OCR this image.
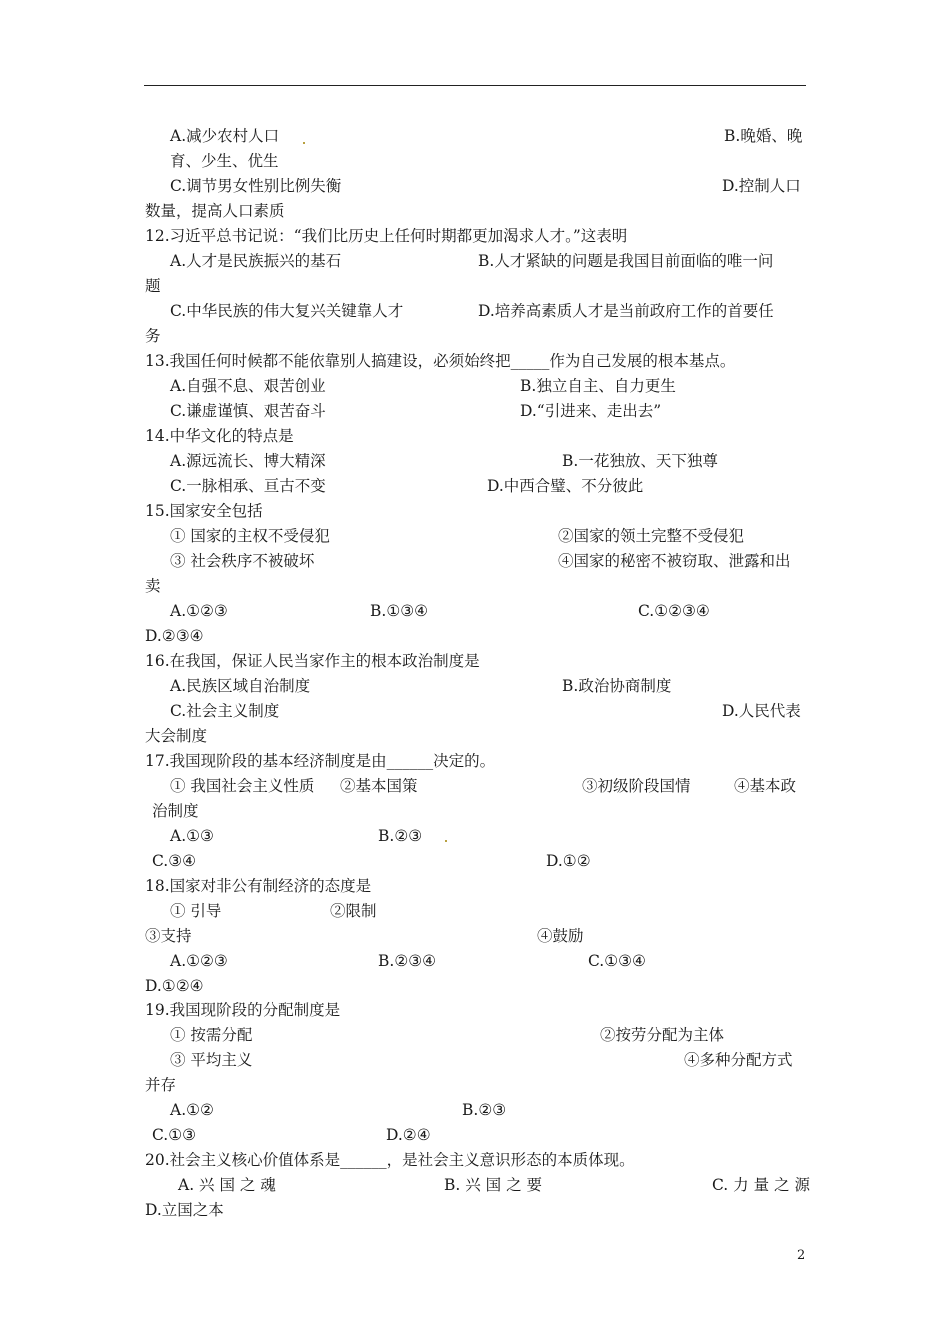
A.减少农村人口	B.晚婚、晚
育、少生、优生
C.调节男女性别比例失衡	D.控制人口
数量，提高人口素质
12.习近平总书记说：“我们比历史上任何时期都更加渴求人才。”这表明
A.人才是民族振兴的基石	B.人才紧缺的问题是我国目前面临的唯一问
题
C.中华民族的伟大复兴关键靠人才	D.培养高素质人才是当前政府工作的首要任
务
13.我国任何时候都不能依靠别人搞建设，必须始终把_____作为自己发展的根本基点。
A.自强不息、艰苦创业	B.独立自主、自力更生
C.谦虚谨慎、艰苦奋斗	D.“引进来、走出去”
14.中华文化的特点是
A.源远流长、博大精深	B.一花独放、天下独尊
C.一脉相承、亘古不变	D.中西合璧、不分彼此
15.国家安全包括
① 国家的主权不受侵犯	②国家的领土完整不受侵犯
③ 社会秩序不被破坏	④国家的秘密不被窃取、泄露和出
卖
A.①②③	B.①③④	C.①②③④
D.②③④
16.在我国，保证人民当家作主的根本政治制度是
A.民族区域自治制度	B.政治协商制度
C.社会主义制度	D.人民代表
大会制度
17.我国现阶段的基本经济制度是由______决定的。
① 我国社会主义性质 ②基本国策	③初级阶段国情	④基本政
治制度
A.①③	B.②③
C.③④	D.①②
18.国家对非公有制经济的态度是
① 引导	②限制
③支持	④鼓励
A.①②③	B.②③④	C.①③④
D.①②④
19.我国现阶段的分配制度是
① 按需分配	②按劳分配为主体
③ 平均主义	④多种分配方式
并存
A.①②	B.②③
C.①③	D.②④
20.社会主义核心价值体系是______，是社会主义意识形态的本质体现。
A. 兴 国 之 魂	B. 兴 国 之 要	C. 力 量 之 源
D.立国之本
2
